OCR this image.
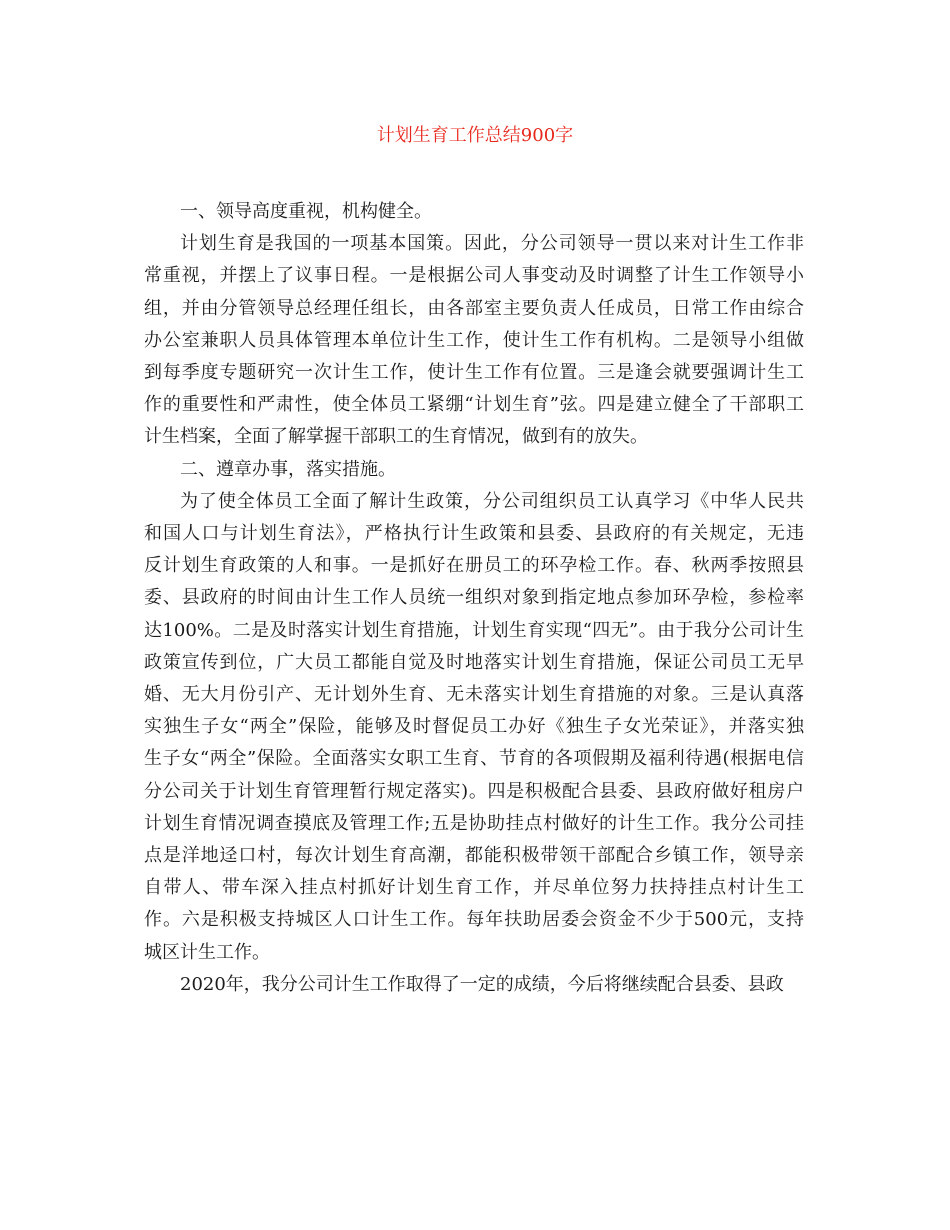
计划生育工作总结900字

一、领导高度重视，机构健全。

计划生育是我国的一项基本国策。因此，分公司领导一贯以来对计生工作非
常重视，并摆上了议事日程。一是根据公司人事变动及时调整了计生工作领导小
组，并由分管领导总经理任组长，由各部室主要负责人任成员，日常工作由综合
办公室兼职人员具体管理本单位计生工作，使计生工作有机构。二是领导小组做
到每季度专题研究一次计生工作，使计生工作有位置。三是逢会就要强调计生工
作的重要性和严肃性，使全体员工紧绷“计划生育”弦。四是建立健全了干部职工
计生档案，全面了解掌握干部职工的生育情况，做到有的放失。

二、遵章办事，落实措施。

为了使全体员工全面了解计生政策，分公司组织员工认真学习《中华人民共
和国人口与计划生育法》，严格执行计生政策和县委、县政府的有关规定，无违
反计划生育政策的人和事。一是抓好在册员工的环孕检工作。春、秋两季按照县
委、县政府的时间由计生工作人员统一组织对象到指定地点参加环孕检，参检率
达100%。二是及时落实计划生育措施，计划生育实现“四无”。由于我分公司计生
政策宣传到位，广大员工都能自觉及时地落实计划生育措施，保证公司员工无早
婚、无大月份引产、无计划外生育、无未落实计划生育措施的对象。三是认真落
实独生子女“两全”保险，能够及时督促员工办好《独生子女光荣证》，并落实独
生子女“两全”保险。全面落实女职工生育、节育的各项假期及福利待遇(根据电信
分公司关于计划生育管理暂行规定落实)。四是积极配合县委、县政府做好租房户
计划生育情况调查摸底及管理工作;五是协助挂点村做好的计生工作。我分公司挂
点是洋地迳口村，每次计划生育高潮，都能积极带领干部配合乡镇工作，领导亲
自带人、带车深入挂点村抓好计划生育工作，并尽单位努力扶持挂点村计生工
作。六是积极支持城区人口计生工作。每年扶助居委会资金不少于500元，支持
城区计生工作。

2020年，我分公司计生工作取得了一定的成绩，今后将继续配合县委、县政
